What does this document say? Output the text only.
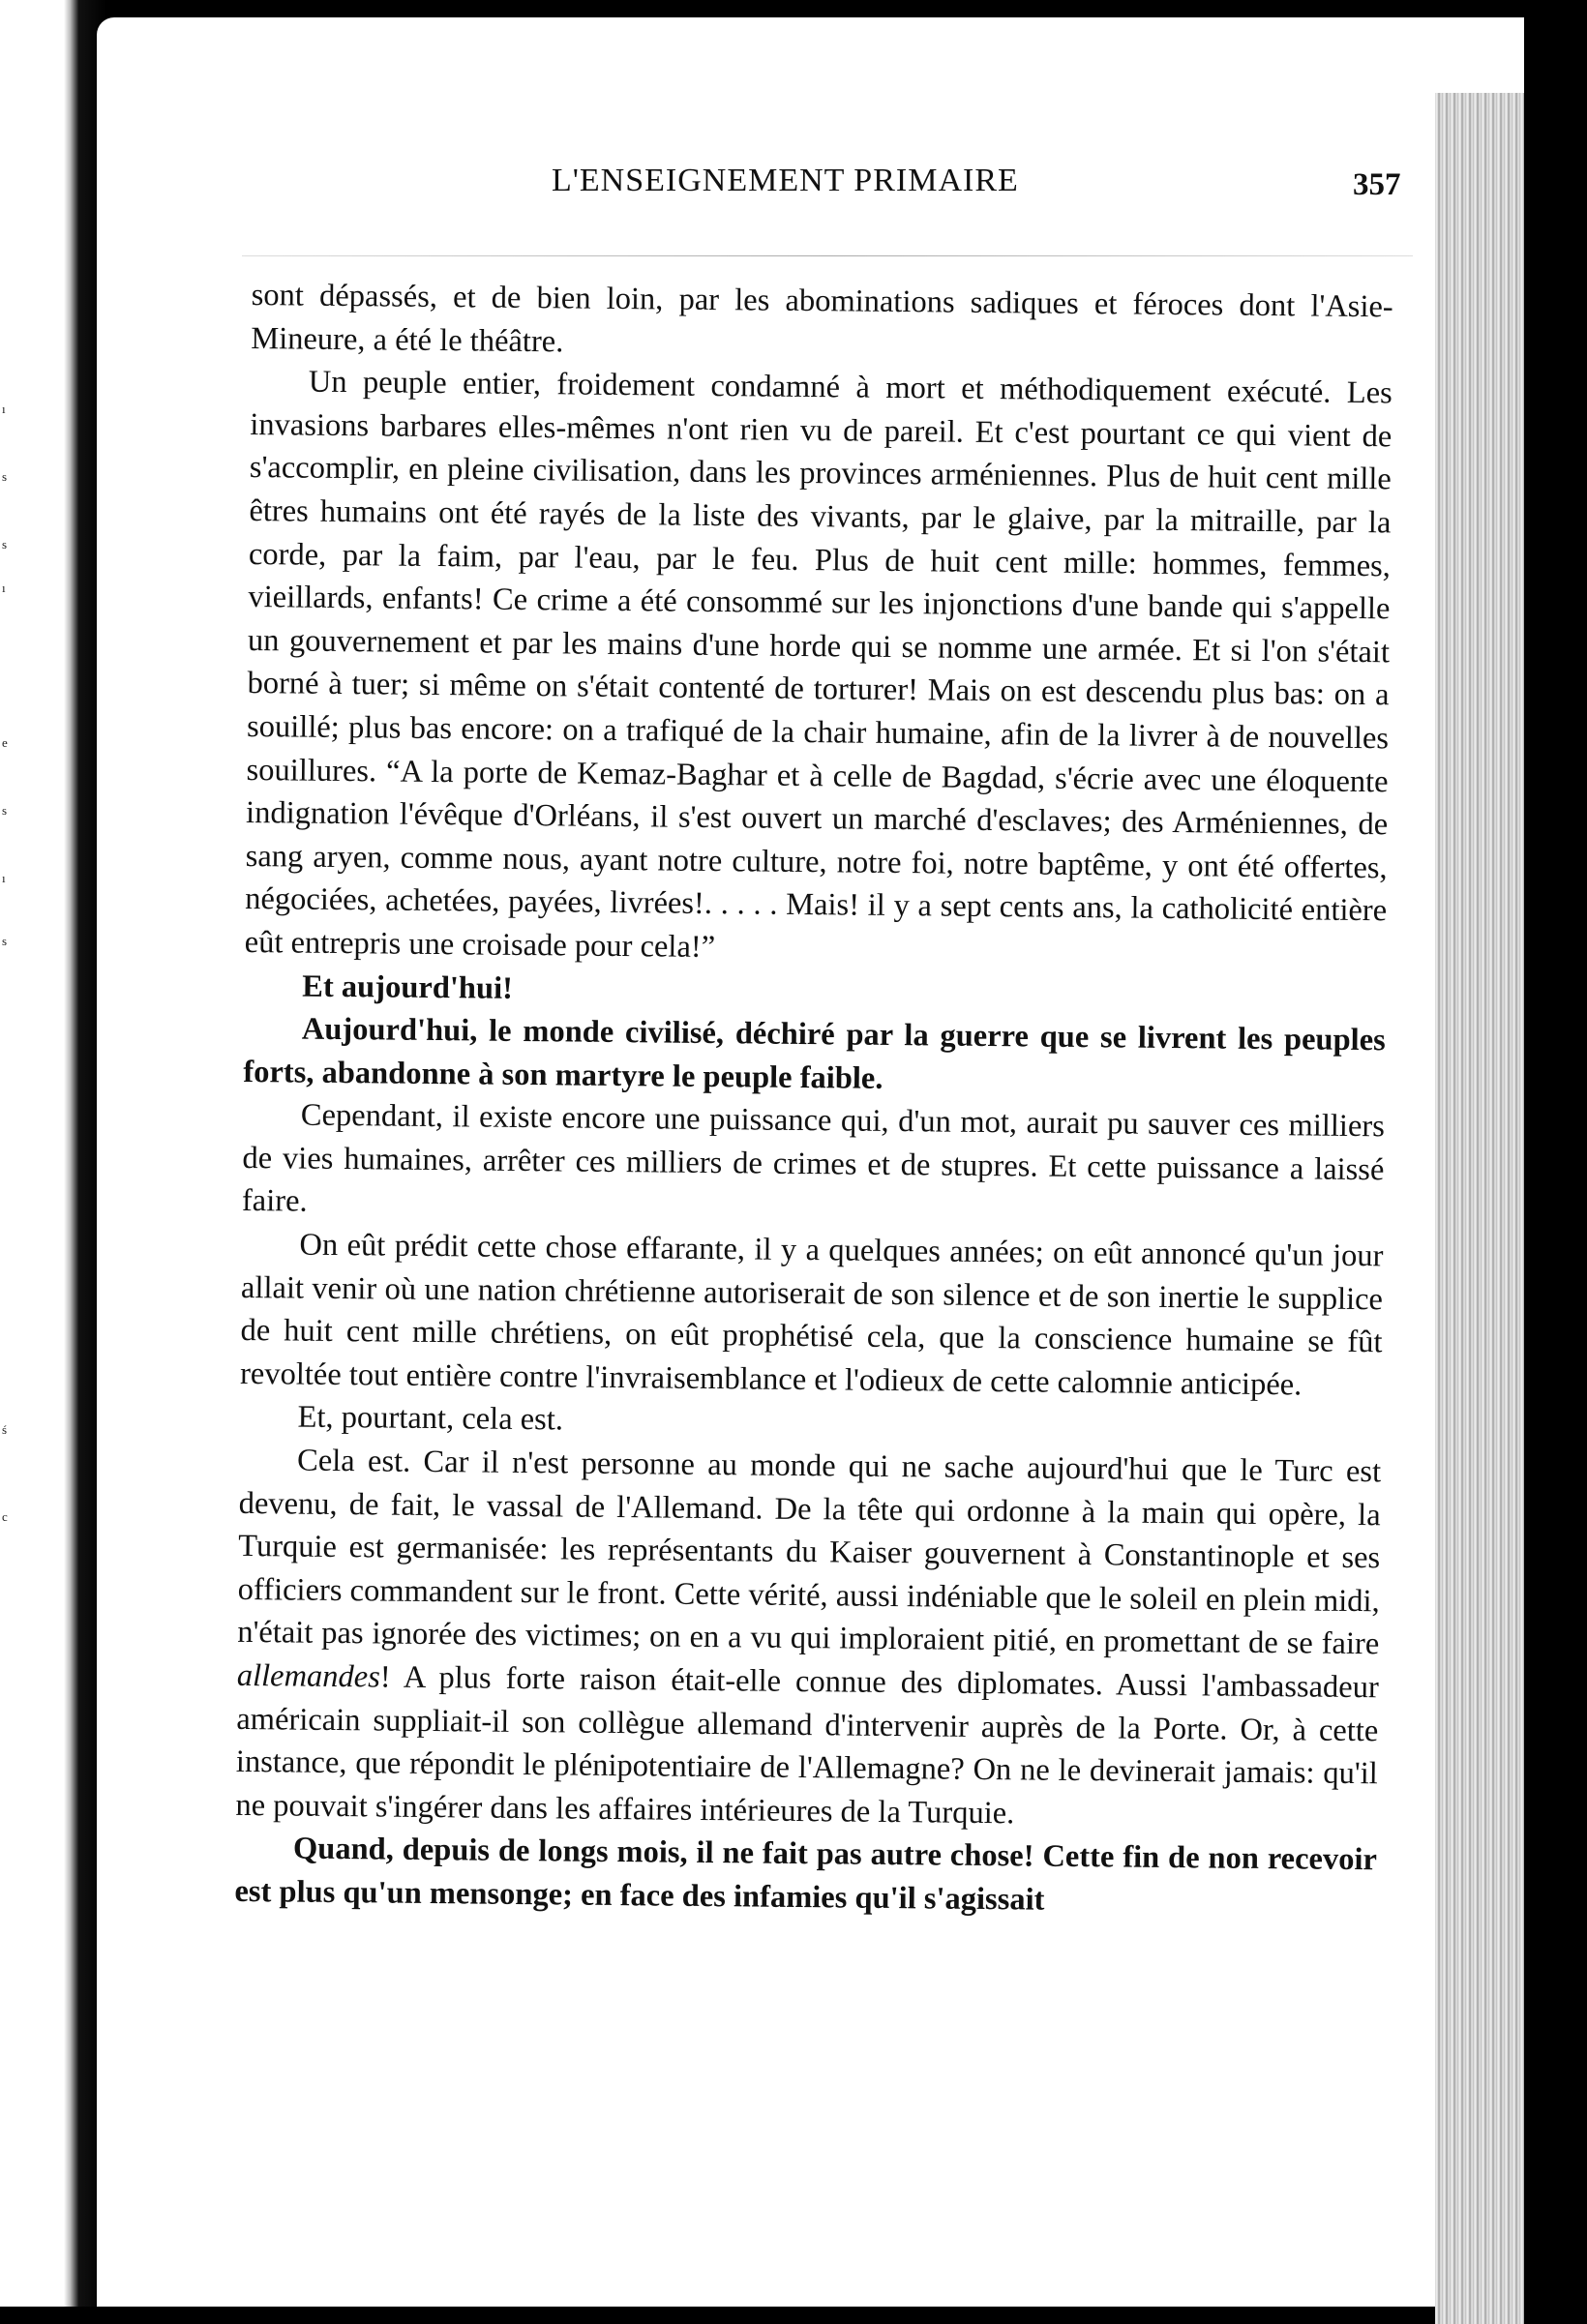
ı
s
s
ı
e
s
ı
s
ś
c
L'ENSEIGNEMENT PRIMAIRE	357

sont dépassés, et de bien loin, par les abominations sadiques et féroces dont l'Asie-Mineure, a été le théâtre.

Un peuple entier, froidement condamné à mort et méthodiquement exécuté. Les invasions barbares elles-mêmes n'ont rien vu de pareil. Et c'est pourtant ce qui vient de s'accomplir, en pleine civilisation, dans les provinces arméniennes. Plus de huit cent mille êtres humains ont été rayés de la liste des vivants, par le glaive, par la mitraille, par la corde, par la faim, par l'eau, par le feu. Plus de huit cent mille: hommes, femmes, vieillards, enfants! Ce crime a été consommé sur les injonctions d'une bande qui s'appelle un gouvernement et par les mains d'une horde qui se nomme une armée. Et si l'on s'était borné à tuer; si même on s'était contenté de torturer! Mais on est descendu plus bas: on a souillé; plus bas encore: on a trafiqué de la chair humaine, afin de la livrer à de nouvelles souillures. “A la porte de Kemaz-Baghar et à celle de Bagdad, s'écrie avec une éloquente indignation l'évêque d'Orléans, il s'est ouvert un marché d'esclaves; des Arméniennes, de sang aryen, comme nous, ayant notre culture, notre foi, notre baptême, y ont été offertes, négociées, achetées, payées, livrées!. . . . . Mais! il y a sept cents ans, la catholicité entière eût entrepris une croisade pour cela!”

Et aujourd'hui!

Aujourd'hui, le monde civilisé, déchiré par la guerre que se livrent les peuples forts, abandonne à son martyre le peuple faible.

Cependant, il existe encore une puissance qui, d'un mot, aurait pu sauver ces milliers de vies humaines, arrêter ces milliers de crimes et de stupres. Et cette puissance a laissé faire.

On eût prédit cette chose effarante, il y a quelques années; on eût annoncé qu'un jour allait venir où une nation chrétienne autoriserait de son silence et de son inertie le supplice de huit cent mille chrétiens, on eût prophétisé cela, que la conscience humaine se fût revoltée tout entière contre l'invraisemblance et l'odieux de cette calomnie anticipée.

Et, pourtant, cela est.

Cela est. Car il n'est personne au monde qui ne sache aujourd'hui que le Turc est devenu, de fait, le vassal de l'Allemand. De la tête qui ordonne à la main qui opère, la Turquie est germanisée: les représentants du Kaiser gouvernent à Constantinople et ses officiers commandent sur le front. Cette vérité, aussi indéniable que le soleil en plein midi, n'était pas ignorée des victimes; on en a vu qui imploraient pitié, en promettant de se faire allemandes! A plus forte raison était-elle connue des diplomates. Aussi l'ambassadeur américain suppliait-il son collègue allemand d'intervenir auprès de la Porte. Or, à cette instance, que répondit le plénipotentiaire de l'Allemagne? On ne le devinerait jamais: qu'il ne pouvait s'ingérer dans les affaires intérieures de la Turquie.

Quand, depuis de longs mois, il ne fait pas autre chose! Cette fin de non recevoir est plus qu'un mensonge; en face des infamies qu'il s'agissait
